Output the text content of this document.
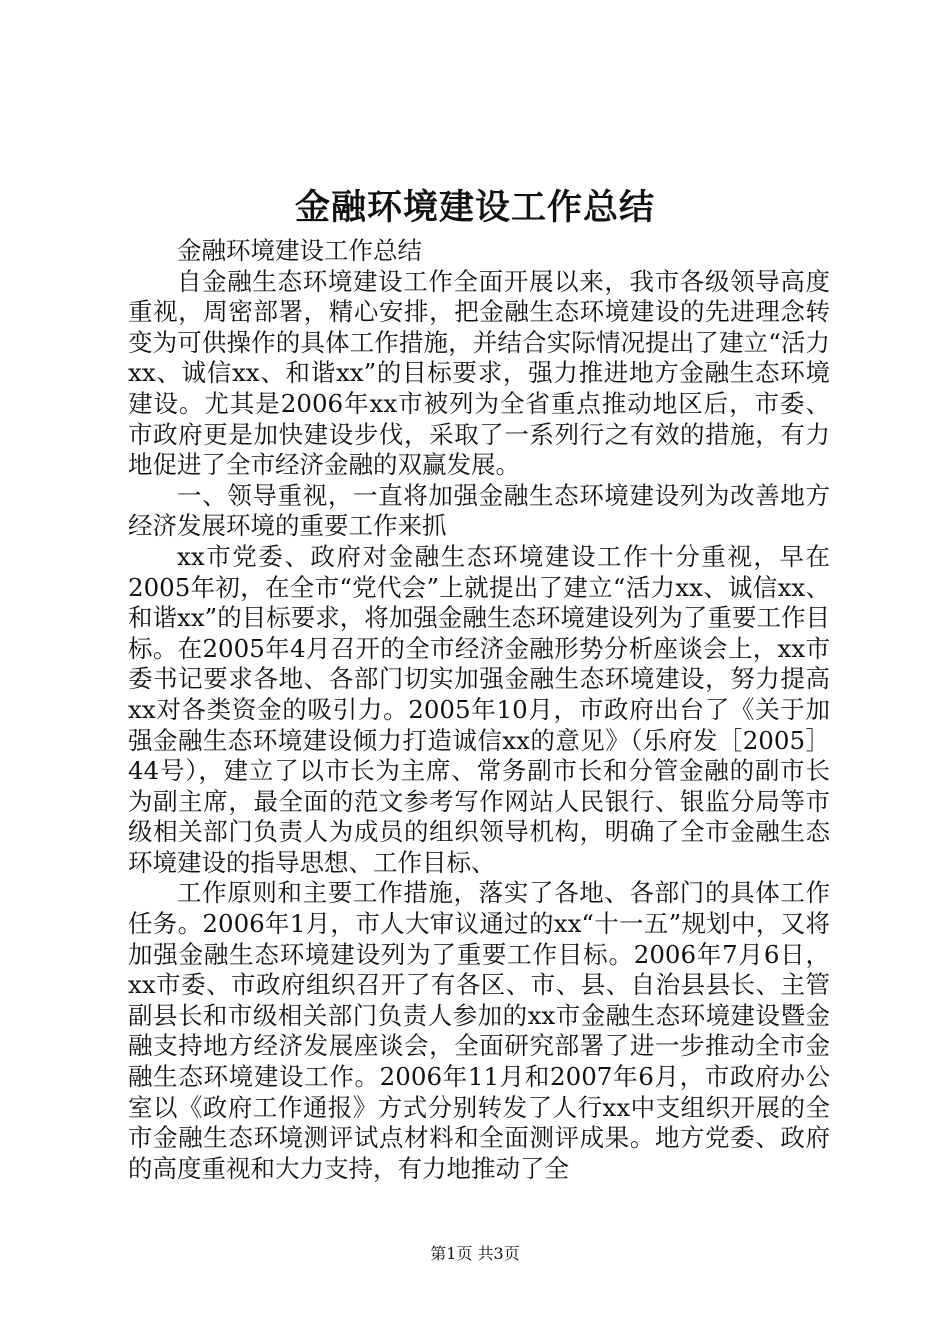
金融环境建设工作总结

金融环境建设工作总结

自金融生态环境建设工作全面开展以来，我市各级领导高度重视，周密部署，精心安排，把金融生态环境建设的先进理念转变为可供操作的具体工作措施，并结合实际情况提出了建立“活力xx、诚信xx、和谐xx”的目标要求，强力推进地方金融生态环境建设。尤其是2006年xx市被列为全省重点推动地区后，市委、市政府更是加快建设步伐，采取了一系列行之有效的措施，有力地促进了全市经济金融的双赢发展。

一、领导重视，一直将加强金融生态环境建设列为改善地方经济发展环境的重要工作来抓

xx市党委、政府对金融生态环境建设工作十分重视，早在2005年初，在全市“党代会”上就提出了建立“活力xx、诚信xx、和谐xx”的目标要求，将加强金融生态环境建设列为了重要工作目标。在2005年4月召开的全市经济金融形势分析座谈会上，xx市委书记要求各地、各部门切实加强金融生态环境建设，努力提高xx对各类资金的吸引力。2005年10月，市政府出台了《关于加强金融生态环境建设倾力打造诚信xx的意见》（乐府发［2005］44号），建立了以市长为主席、常务副市长和分管金融的副市长为副主席，最全面的范文参考写作网站人民银行、银监分局等市级相关部门负责人为成员的组织领导机构，明确了全市金融生态环境建设的指导思想、工作目标、

工作原则和主要工作措施，落实了各地、各部门的具体工作任务。2006年1月，市人大审议通过的xx“十一五”规划中，又将加强金融生态环境建设列为了重要工作目标。2006年7月6日，xx市委、市政府组织召开了有各区、市、县、自治县县长、主管副县长和市级相关部门负责人参加的xx市金融生态环境建设暨金融支持地方经济发展座谈会，全面研究部署了进一步推动全市金融生态环境建设工作。2006年11月和2007年6月，市政府办公室以《政府工作通报》方式分别转发了人行xx中支组织开展的全市金融生态环境测评试点材料和全面测评成果。地方党委、政府的高度重视和大力支持，有力地推动了全

第1页 共3页
